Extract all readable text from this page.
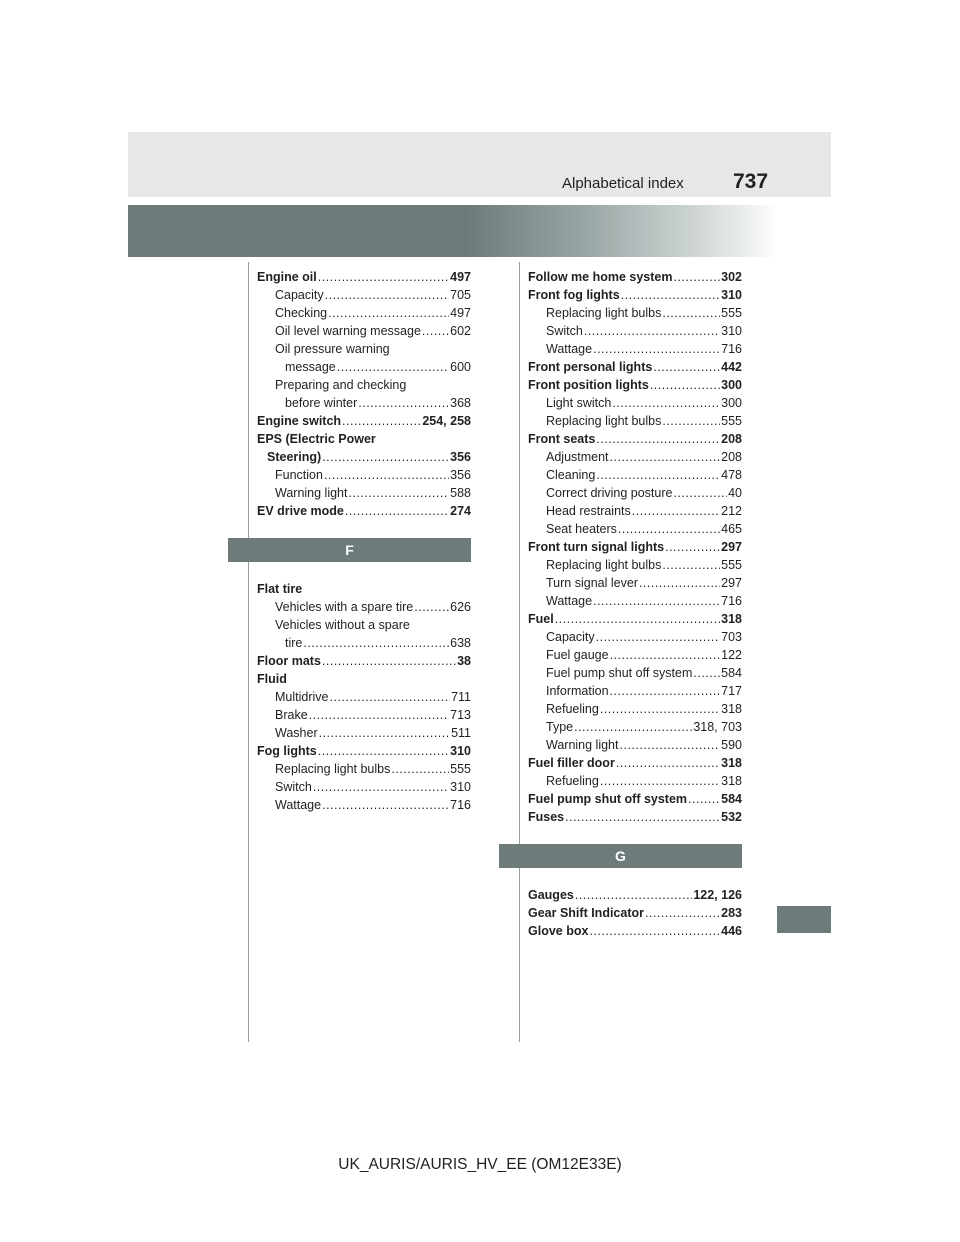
Alphabetical index 737
Engine oil .....	497
Capacity .....	705
Checking .....	497
Oil level warning message ..... 602
Oil pressure warning
message .....	600
Preparing and checking
before winter .....	368
Engine switch .....	254, 258
EPS (Electric Power
Steering) .....	356
Function .....	356
Warning light .....	588
EV drive mode .....	274
F
Flat tire
Vehicles with a spare tire .....	626
Vehicles without a spare
tire .....	638
Floor mats .....	38
Fluid
Multidrive .....	711
Brake .....	713
Washer .....	511
Fog lights .....	310
Replacing light bulbs .....	555
Switch .....	310
Wattage .....	716
Follow me home system .....	302
Front fog lights .....	310
Replacing light bulbs .....	555
Switch .....	310
Wattage .....	716
Front personal lights .....	442
Front position lights .....	300
Light switch .....	300
Replacing light bulbs .....	555
Front seats .....	208
Adjustment .....	208
Cleaning .....	478
Correct driving posture .....	40
Head restraints .....	212
Seat heaters .....	465
Front turn signal lights .....	297
Replacing light bulbs .....	555
Turn signal lever .....	297
Wattage .....	716
Fuel .....	318
Capacity .....	703
Fuel gauge .....	122
Fuel pump shut off system ..... 584
Information .....	717
Refueling .....	318
Type .....	318, 703
Warning light .....	590
Fuel filler door .....	318
Refueling .....	318
Fuel pump shut off system .....	584
Fuses .....	532
G
Gauges .....	122, 126
Gear Shift Indicator .....	283
Glove box .....	446
UK_AURIS/AURIS_HV_EE (OM12E33E)
